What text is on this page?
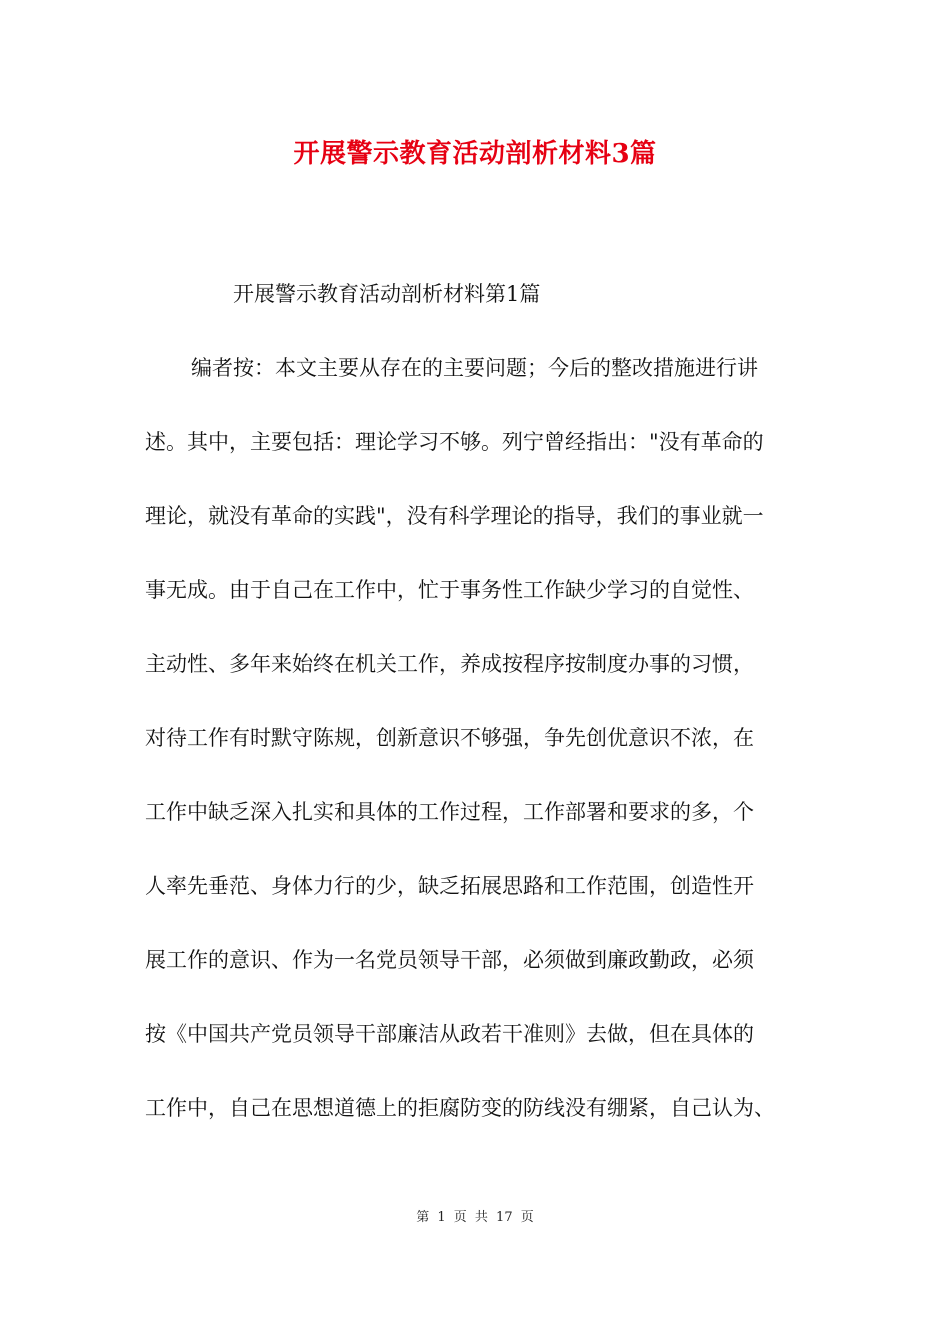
开展警示教育活动剖析材料3篇
开展警示教育活动剖析材料第1篇
编者按：本文主要从存在的主要问题；今后的整改措施进行讲
述。其中，主要包括：理论学习不够。列宁曾经指出："没有革命的
理论，就没有革命的实践"，没有科学理论的指导，我们的事业就一
事无成。由于自己在工作中，忙于事务性工作缺少学习的自觉性、
主动性、多年来始终在机关工作，养成按程序按制度办事的习惯，
对待工作有时默守陈规，创新意识不够强，争先创优意识不浓，在
工作中缺乏深入扎实和具体的工作过程，工作部署和要求的多，个
人率先垂范、身体力行的少，缺乏拓展思路和工作范围，创造性开
展工作的意识、作为一名党员领导干部，必须做到廉政勤政，必须
按《中国共产党员领导干部廉洁从政若干准则》去做，但在具体的
工作中，自己在思想道德上的拒腐防变的防线没有绷紧，自己认为、
第 1 页 共 17 页
